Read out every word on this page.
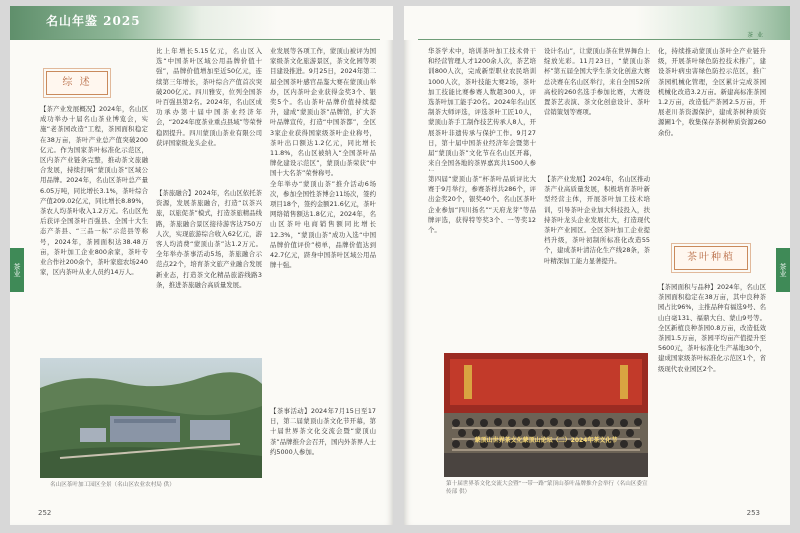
名山年鉴 2025
茶业
综 述
【茶产业发展概况】2024年，名山区成功举办十届名山茶业博览会，实施“老茶园改造”工程，茶园面积稳定在38万亩，茶叶产业总产值突破200亿元。作为国家茶叶标准化示范区，区内茶产业链条完整，推动茶文旅融合发展，持续打响“蒙顶山茶”区域公用品牌。2024年，名山区茶叶总产量6.05万吨，同比增长3.1%，茶叶综合产值209.02亿元，同比增长8.89%，茶农人均茶叶收入1.2万元。名山区先后获评全国茶叶百强县、全国十大生态产茶县、“三品一标”示范县等称号，2024年，茶园面积达38.48万亩，茶叶加工企业800余家，茶叶专业合作社200余个，茶叶家庭农场240家，区内茶叶从业人员约14万人。
比上年增长5.15亿元，名山区入选“中国茶叶区域公用品牌价值十强”，品牌价值增加至近50亿元，连续第三年增长，茶叶综合产值首次突破200亿元。四川雅安，位列全国茶叶百强县第2名。2024年，名山区成功承办第十届中国茶业经济年会，“2024年度茶业重点县域”等荣誉稳固提升。四川蒙顶山茶业有限公司获评国家级龙头企业。
【茶旅融合】2024年，名山区依托茶资源，发展茶旅融合，打造“以茶兴旅，以旅促茶”模式，打造茶旅精品线路，茶旅融合景区接待游客达750万人次，实现旅游综合收入62亿元，游客人均消费“蒙顶山茶”达1.2万元。全年举办茶事活动5场，茶旅融合示范点22个，培育茶文旅产业融合发展新业态，打造茶文化精品旅游线路3条，推进茶旅融合高质量发展。
业发展等各项工作，蒙顶山被评为国家级茶文化旅游景区，茶文化园等项目建设推进。9月25日，2024年第二届全国茶叶感官品鉴大赛在蒙顶山举办，区内茶叶企业获得金奖3个、银奖5个。名山茶叶品牌价值持续提升，建成“蒙顶山茶”品牌馆，扩大茶叶品牌宣传，打造“中国茶都”，全区3家企业获得国家级茶叶企业称号，茶叶出口额达1.2亿元，同比增长11.8%，名山区被纳入“全国茶叶品牌化建设示范区”，蒙顶山茶荣获“中国十大名茶”荣誉称号。
全年举办“蒙顶山茶”推介活动6场次，参加全国性茶博会11场次，签约项目18个，签约金额21.6亿元，茶叶网络销售额达1.8亿元，2024年，名山区茶叶电商销售额同比增长12.3%，“蒙顶山茶”成功入选“中国品牌价值评价”榜单，品牌价值达到42.7亿元，跻身中国茶叶区域公用品牌十强。
【茶事活动】2024年7月15日至17日，第二届蒙顶山茶文化节开幕，第十届世界茶文化交流会暨“蒙顶山茶”品牌推介会召开，国内外茶界人士约5000人参加。
名山区茶叶加工园区全景（名山区农业农村局 供）
252
茶 业
茶业
华茶学术中，培训茶叶加工技术骨干和经营管理人才1200余人次，茶艺培训800人次，完成新型职业农民培训1000人次，茶叶技能大赛2场，茶叶加工技能比赛参赛人数超300人，评选茶叶加工能手20名。2024年名山区制茶大师评选，评选茶叶工匠10人，蒙顶山茶手工制作技艺传承人8人，开展茶叶非遗传承与保护工作。9月27日，第十届中国茶业经济年会暨第十届“蒙顶山茶”文化节在名山区开幕，来自全国各地的茶界嘉宾共1500人参
第四届“蒙顶山茶”杯茶叶品质评比大赛于9月举行，参赛茶样共286个，评出金奖20个，银奖40个。名山区茶叶企业参加“四川扬名”“天府龙芽”等品牌评选，获得特等奖3个、一等奖12个。
设计名山”，让蒙顶山茶在世界舞台上绽放光彩。11月23日，“蒙顶山茶杯”第五届全国大学生茶文化创意大赛总决赛在名山区举行，来自全国52所高校的260名选手参加比赛，大赛设置茶艺表演、茶文化创意设计、茶叶营销策划等赛项。
【茶产业发展】2024年，名山区推动茶产业高质量发展，积极培育茶叶新型经营主体，开展茶叶加工技术培训，引导茶叶企业加大科技投入，扶持茶叶龙头企业发展壮大，打造现代茶叶产业园区。全区茶叶加工企业提档升级，茶叶初制所标准化改造55个，建成茶叶清洁化生产线28条，茶叶精深加工能力显著提升。
化，持续推动蒙顶山茶叶全产业链升级，开展茶叶绿色防控技术推广，建设茶叶病虫害绿色防控示范区，推广茶园机械化管理，全区累计完成茶园机械化改造3.2万亩。新建高标准茶园1.2万亩，改造低产茶园2.5万亩，开展老川茶资源保护，建成茶树种质资源圃1个，收集保存茶树种质资源260余份。
茶叶种植
【茶园面积与品种】2024年，名山区茶园面积稳定在38万亩，其中良种茶园占比96%，主推品种有福选9号、名山白毫131、福鼎大白、蒙山9号等。全区新植良种茶园0.8万亩，改造低效茶园1.5万亩，茶园平均亩产值提升至5600元，茶叶标准化生产基地30个，建成国家级茶叶标准化示范区1个，省级现代农业园区2个。
蒙顶山世界茶文化蒙顶山论坛（二）2024年茶文化节
第十届世界茶文化交流大会暨“一带一路”蒙顶山茶叶品牌推介会举行（名山区委宣传部 供）
253
